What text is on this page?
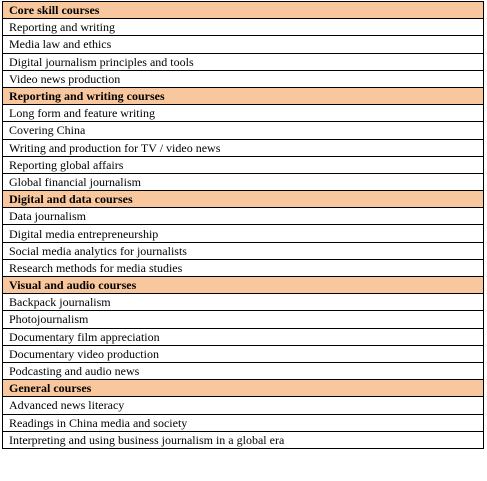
Core skill courses
Reporting and writing
Media law and ethics
Digital journalism principles and tools
Video news production
Reporting and writing courses
Long form and feature writing
Covering China
Writing and production for TV / video news
Reporting global affairs
Global financial journalism
Digital and data courses
Data journalism
Digital media entrepreneurship
Social media analytics for journalists
Research methods for media studies
Visual and audio courses
Backpack journalism
Photojournalism
Documentary film appreciation
Documentary video production
Podcasting and audio news
General courses
Advanced news literacy
Readings in China media and society
Interpreting and using business journalism in a global era
